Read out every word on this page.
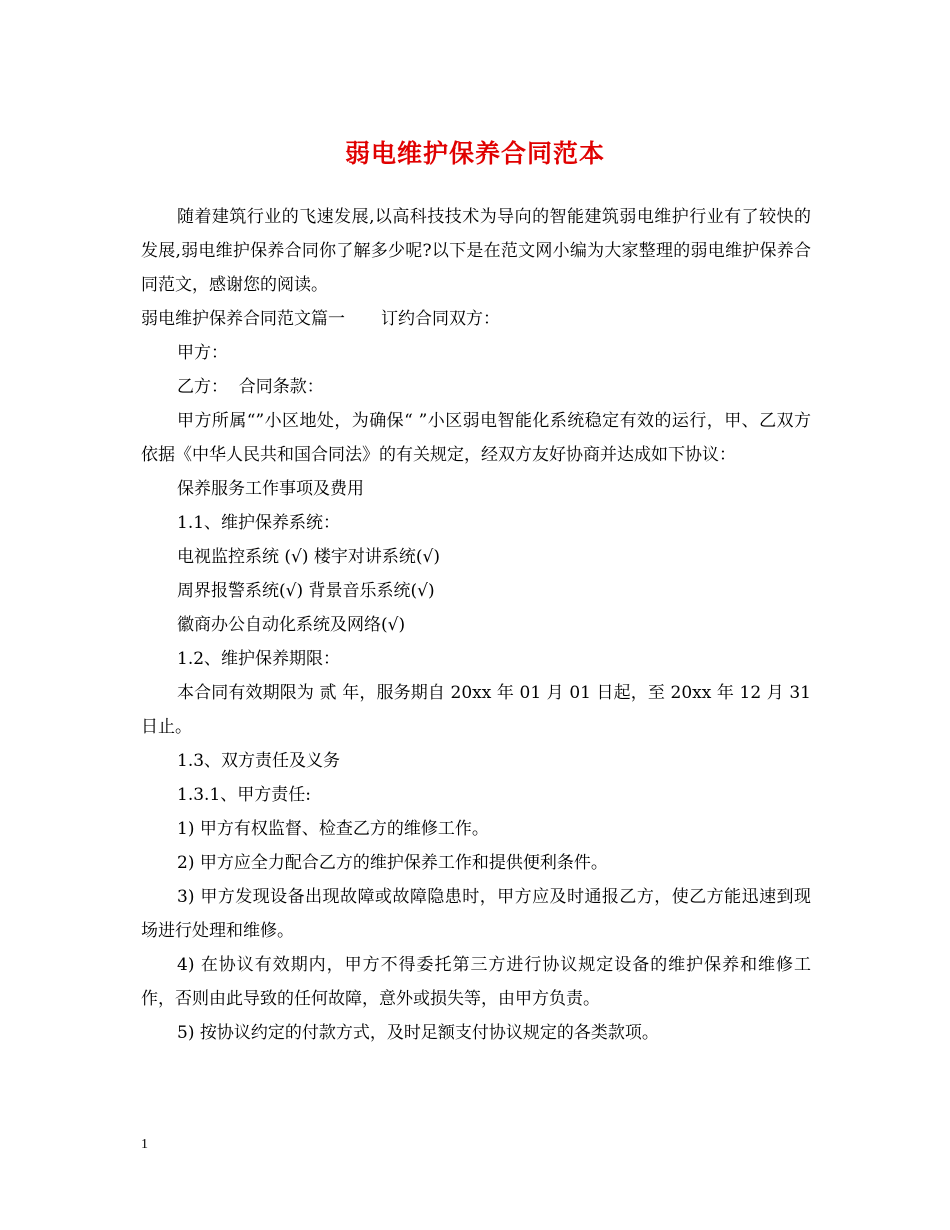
弱电维护保养合同范本

随着建筑行业的飞速发展,以高科技技术为导向的智能建筑弱电维护行业有了较快的发展,弱电维护保养合同你了解多少呢?以下是在范文网小编为大家整理的弱电维护保养合同范文，感谢您的阅读。

弱电维护保养合同范文篇一 订约合同双方：

甲方：

乙方：  合同条款：

甲方所属“”小区地处，为确保“ ”小区弱电智能化系统稳定有效的运行，甲、乙双方依据《中华人民共和国合同法》的有关规定，经双方友好协商并达成如下协议：

保养服务工作事项及费用

1.1、维护保养系统：

电视监控系统 (√) 楼宇对讲系统(√)

周界报警系统(√) 背景音乐系统(√)

徽商办公自动化系统及网络(√)

1.2、维护保养期限：

本合同有效期限为 贰 年，服务期自 20xx 年 01 月 01 日起，至 20xx 年 12 月 31 日止。

1.3、双方责任及义务

1.3.1、甲方责任:

1) 甲方有权监督、检查乙方的维修工作。

2) 甲方应全力配合乙方的维护保养工作和提供便利条件。

3) 甲方发现设备出现故障或故障隐患时，甲方应及时通报乙方，使乙方能迅速到现场进行处理和维修。

4) 在协议有效期内，甲方不得委托第三方进行协议规定设备的维护保养和维修工作，否则由此导致的任何故障，意外或损失等，由甲方负责。

5) 按协议约定的付款方式，及时足额支付协议规定的各类款项。

1
